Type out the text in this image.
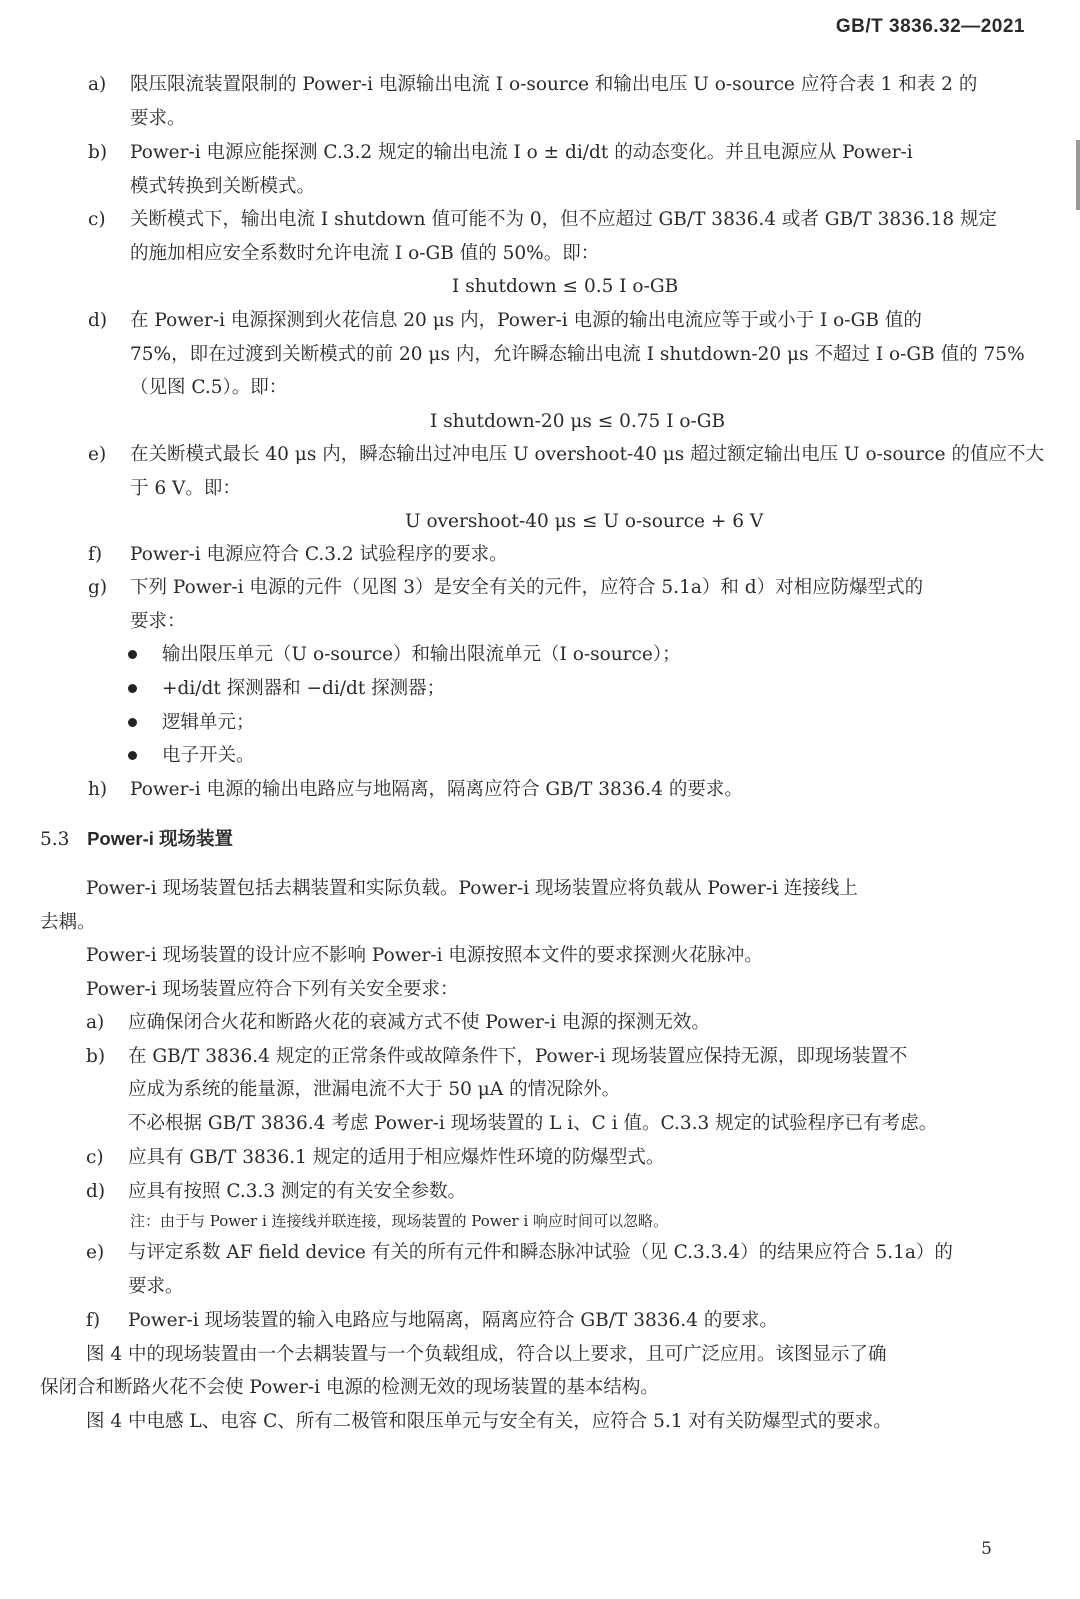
GB/T 3836.32—2021
a) 限压限流装置限制的 Power-i 电源输出电流 I o-source 和输出电压 U o-source 应符合表 1 和表 2 的
要求。
b) Power-i 电源应能探测 C.3.2 规定的输出电流 I o ± di/dt 的动态变化。并且电源应从 Power-i
模式转换到关断模式。
c) 关断模式下，输出电流 I shutdown 值可能不为 0，但不应超过 GB/T 3836.4 或者 GB/T 3836.18 规定
的施加相应安全系数时允许电流 I o-GB 值的 50%。即：
I shutdown ≤ 0.5 I o-GB
d) 在 Power-i 电源探测到火花信息 20 μs 内，Power-i 电源的输出电流应等于或小于 I o-GB 值的
75%，即在过渡到关断模式的前 20 μs 内，允许瞬态输出电流 I shutdown-20 μs 不超过 I o-GB 值的 75%
（见图 C.5）。即：
I shutdown-20 μs ≤ 0.75 I o-GB
e) 在关断模式最长 40 μs 内，瞬态输出过冲电压 U overshoot-40 μs 超过额定输出电压 U o-source 的值应不大
于 6 V。即：
U overshoot-40 μs ≤ U o-source + 6 V
f) Power-i 电源应符合 C.3.2 试验程序的要求。
g) 下列 Power-i 电源的元件（见图 3）是安全有关的元件，应符合 5.1a）和 d）对相应防爆型式的
要求：
输出限压单元（U o-source）和输出限流单元（I o-source）；
+di/dt 探测器和 −di/dt 探测器；
逻辑单元；
电子开关。
h) Power-i 电源的输出电路应与地隔离，隔离应符合 GB/T 3836.4 的要求。
5.3 Power-i 现场装置
Power-i 现场装置包括去耦装置和实际负载。Power-i 现场装置应将负载从 Power-i 连接线上
去耦。
Power-i 现场装置的设计应不影响 Power-i 电源按照本文件的要求探测火花脉冲。
Power-i 现场装置应符合下列有关安全要求：
a) 应确保闭合火花和断路火花的衰减方式不使 Power-i 电源的探测无效。
b) 在 GB/T 3836.4 规定的正常条件或故障条件下，Power-i 现场装置应保持无源，即现场装置不
应成为系统的能量源，泄漏电流不大于 50 μA 的情况除外。
不必根据 GB/T 3836.4 考虑 Power-i 现场装置的 L i、C i 值。C.3.3 规定的试验程序已有考虑。
c) 应具有 GB/T 3836.1 规定的适用于相应爆炸性环境的防爆型式。
d) 应具有按照 C.3.3 测定的有关安全参数。
注：由于与 Power i 连接线并联连接，现场装置的 Power i 响应时间可以忽略。
e) 与评定系数 AF field device 有关的所有元件和瞬态脉冲试验（见 C.3.3.4）的结果应符合 5.1a）的
要求。
f) Power-i 现场装置的输入电路应与地隔离，隔离应符合 GB/T 3836.4 的要求。
图 4 中的现场装置由一个去耦装置与一个负载组成，符合以上要求，且可广泛应用。该图显示了确
保闭合和断路火花不会使 Power-i 电源的检测无效的现场装置的基本结构。
图 4 中电感 L、电容 C、所有二极管和限压单元与安全有关，应符合 5.1 对有关防爆型式的要求。
5
